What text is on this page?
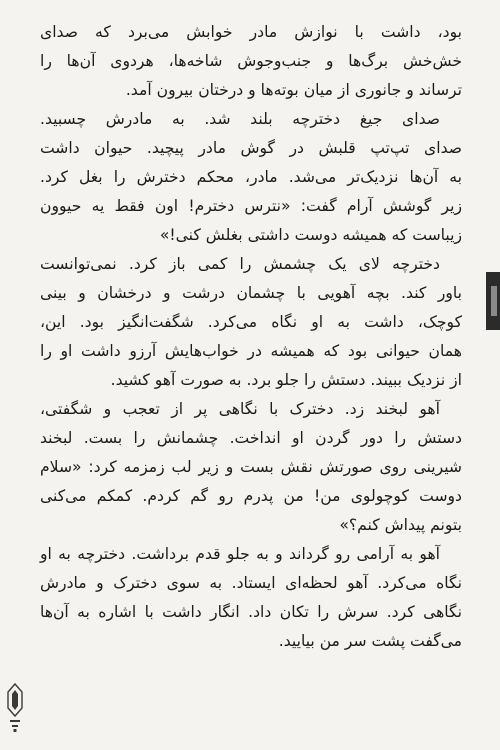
بود، داشت با نوازش مادر خوابش می‌برد که صدای
خش‌خش برگ‌ها و جنب‌وجوش شاخه‌ها، هردوی آن‌ها را
ترساند و جانوری از میان بوته‌ها و درختان بیرون آمد.
صدای جیغ دخترچه بلند شد. به مادرش چسبید.
صدای تپ‌تپ قلبش در گوش مادر پیچید. حیوان داشت
به آن‌ها نزدیک‌تر می‌شد. مادر، محکم دخترش را بغل کرد.
زیر گوشش آرام گفت: «نترس دخترم! اون فقط یه حیوون
زیباست که همیشه دوست داشتی بغلش کنی!»
دخترچه لای یک چشمش را کمی باز کرد. نمی‌توانست
باور کند. بچه آهویی با چشمان درشت و درخشان و بینی
کوچک، داشت به او نگاه می‌کرد. شگفت‌انگیز بود. این،
همان حیوانی بود که همیشه در خواب‌هایش آرزو داشت او را
از نزدیک ببیند. دستش را جلو برد. به صورت آهو کشید.
آهو لبخند زد. دخترک با نگاهی پر از تعجب و شگفتی،
دستش را دور گردن او انداخت. چشمانش را بست. لبخند
شیرینی روی صورتش نقش بست و زیر لب زمزمه کرد: «سلام
دوست کوچولوی من! من پدرم رو گم کردم. کمکم می‌کنی
بتونم پیداش کنم؟»
آهو به آرامی رو گرداند و به جلو قدم برداشت. دخترچه به او
نگاه می‌کرد. آهو لحظه‌ای ایستاد. به سوی دخترک و مادرش
نگاهی کرد. سرش را تکان داد. انگار داشت با اشاره به آن‌ها
می‌گفت پشت سر من بیایید.
